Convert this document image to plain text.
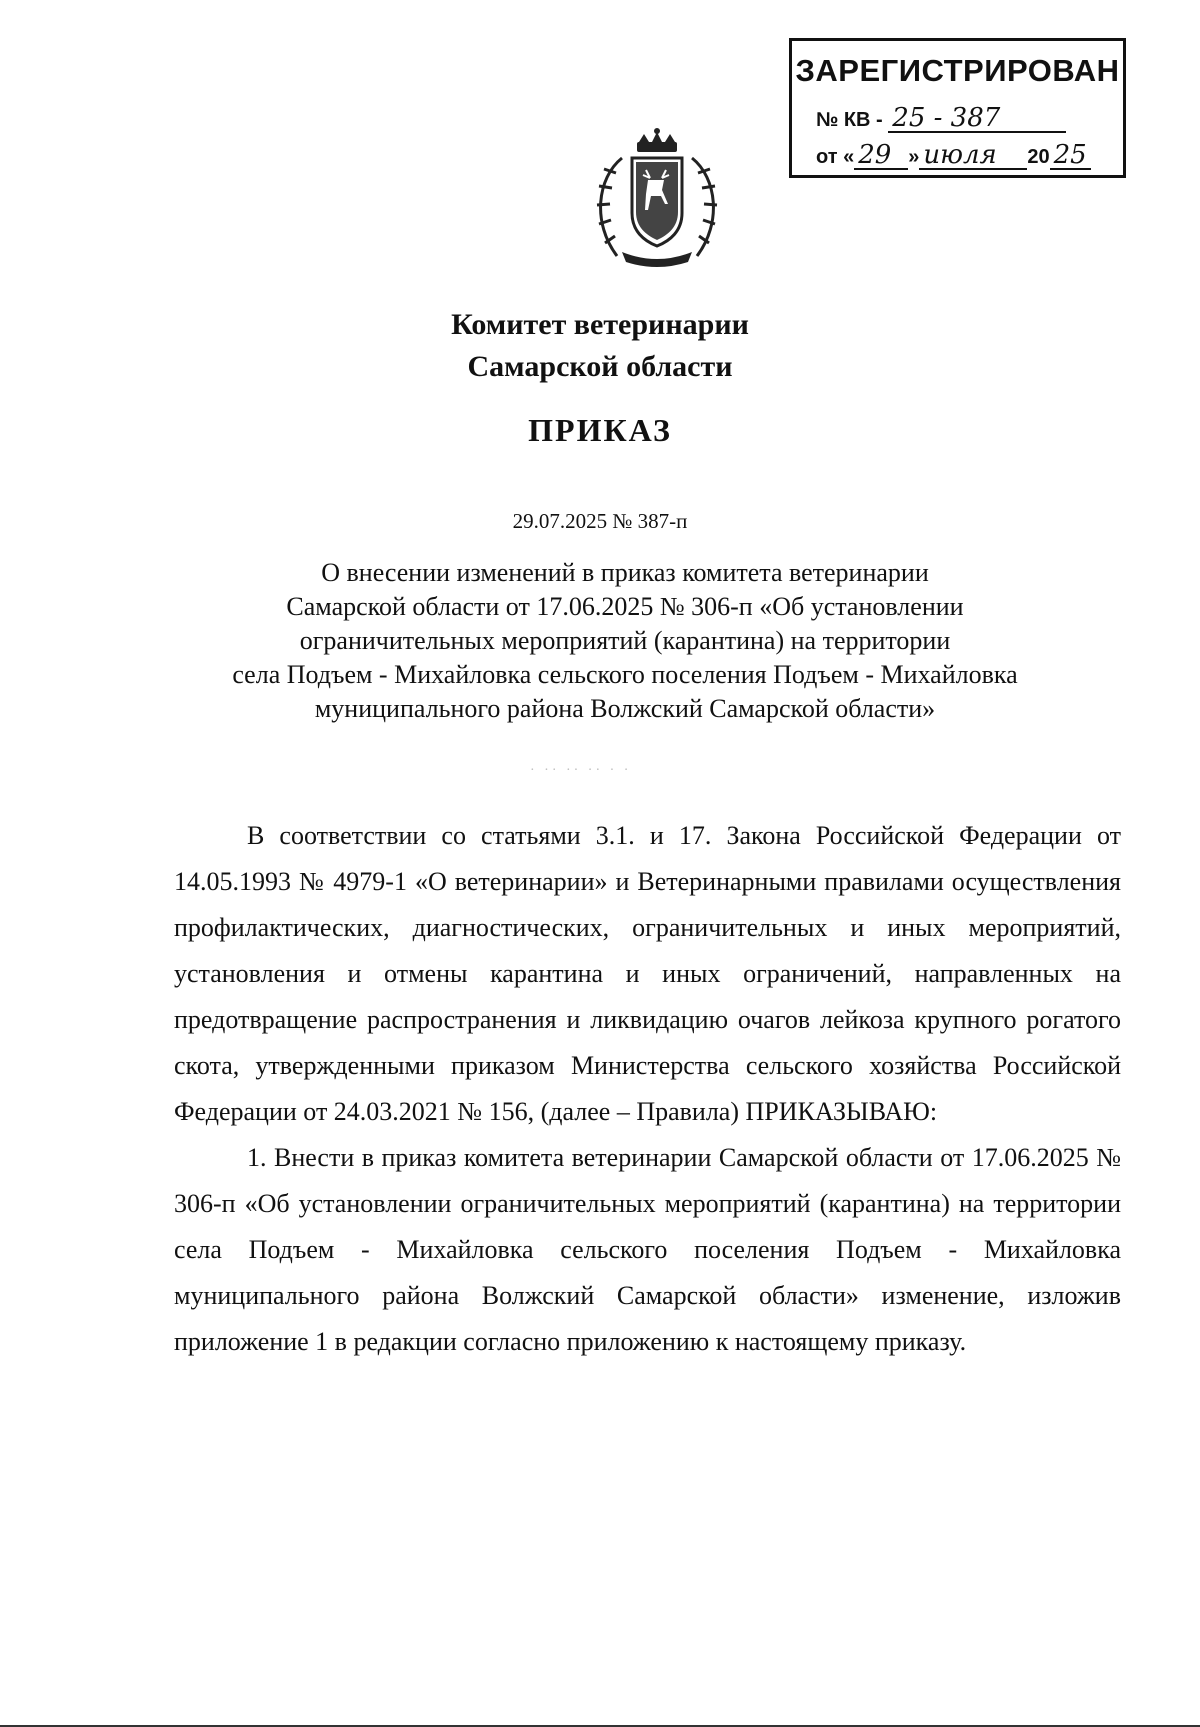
ЗАРЕГИСТРИРОВАН
№ КВ - 25 - 387
от « 29 » июля 20 25
Комитет ветеринарии
Самарской области
ПРИКАЗ
29.07.2025 № 387-п
О внесении изменений в приказ комитета ветеринарии
Самарской области от 17.06.2025 № 306-п «Об установлении
ограничительных мероприятий (карантина) на территории
села Подъем - Михайловка сельского поселения Подъем - Михайловка
муниципального района Волжский Самарской области»
· ·· ·· ·· · ·

В соответствии со статьями 3.1. и 17. Закона Российской Федерации от 14.05.1993 № 4979-1 «О ветеринарии» и Ветеринарными правилами осуществления профилактических, диагностических, ограничительных и иных мероприятий, установления и отмены карантина и иных ограничений, направленных на предотвращение распространения и ликвидацию очагов лейкоза крупного рогатого скота, утвержденными приказом Министерства сельского хозяйства Российской Федерации от 24.03.2021 № 156, (далее – Правила) ПРИКАЗЫВАЮ:

1. Внести в приказ комитета ветеринарии Самарской области от 17.06.2025 № 306-п «Об установлении ограничительных мероприятий (карантина) на территории села Подъем - Михайловка сельского поселения Подъем - Михайловка муниципального района Волжский Самарской области» изменение, изложив приложение 1 в редакции согласно приложению к настоящему приказу.
